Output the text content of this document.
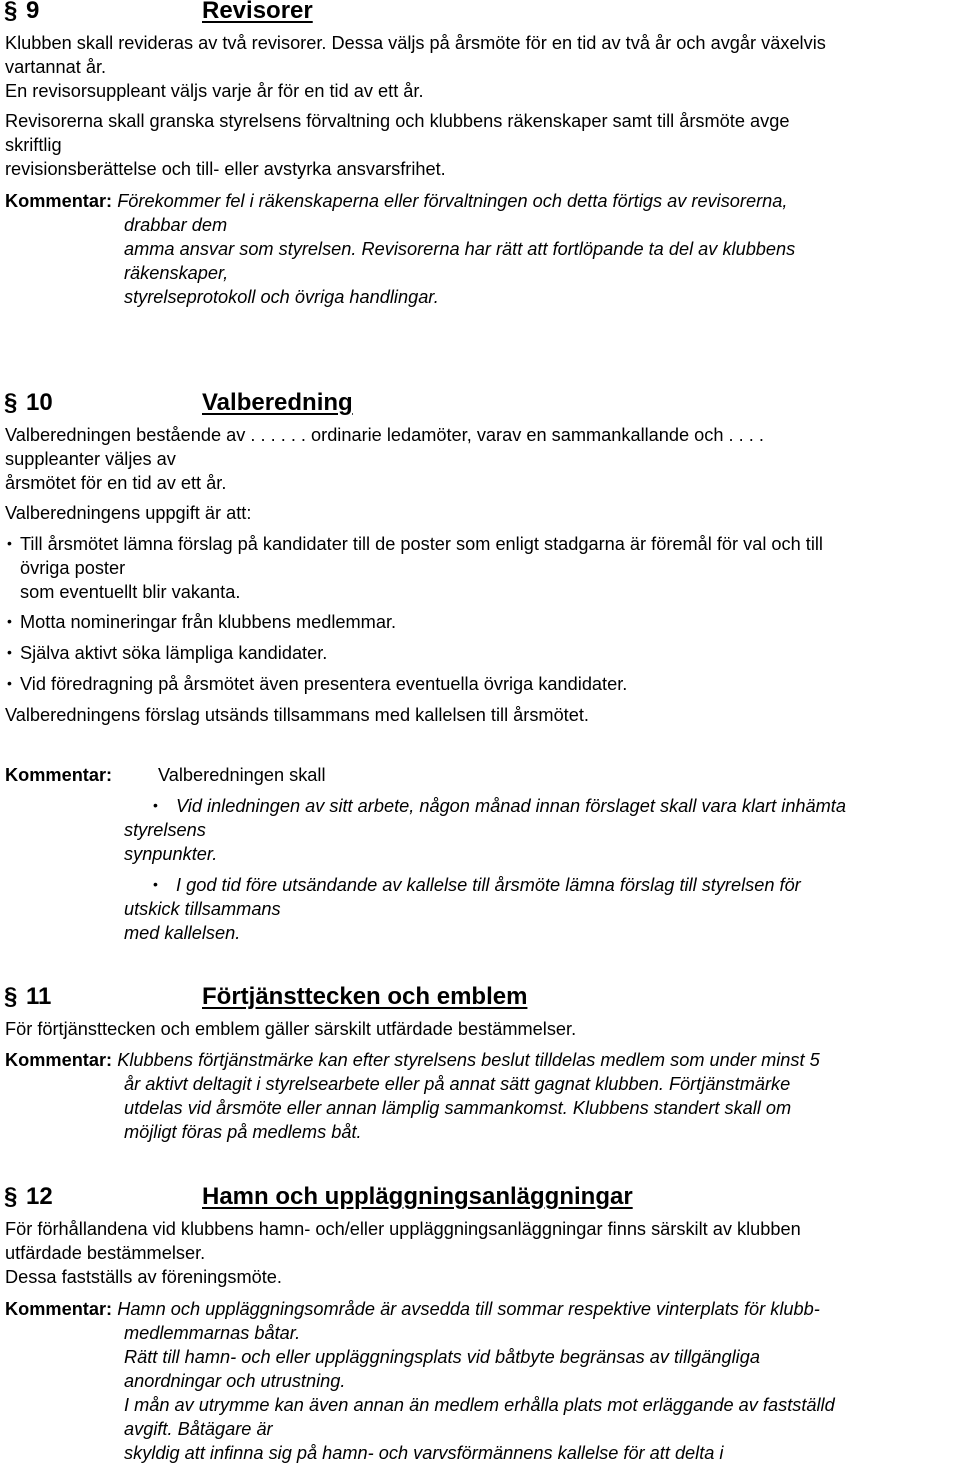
§ 9	Revisorer
Klubben skall revideras av två revisorer. Dessa väljs på årsmöte för en tid av två år och avgår växelvis
vartannat år.
En revisorsuppleant väljs varje år för en tid av ett år.
Revisorerna skall granska styrelsens förvaltning och klubbens räkenskaper samt till årsmöte avge
skriftlig
revisionsberättelse och till- eller avstyrka ansvarsfrihet.
Kommentar: Förekommer fel i räkenskaperna eller förvaltningen och detta förtigs av revisorerna,
drabbar dem
amma ansvar som styrelsen. Revisorerna har rätt att fortlöpande ta del av klubbens
räkenskaper,
styrelseprotokoll och övriga handlingar.
§ 10	Valberedning
Valberedningen bestående av . . . . . . ordinarie ledamöter, varav en sammankallande och . . . .
suppleanter väljes av
årsmötet för en tid av ett år.
Valberedningens uppgift är att:
• Till årsmötet lämna förslag på kandidater till de poster som enligt stadgarna är föremål för val och till
övriga poster
som eventuellt blir vakanta.
• Motta nomineringar från klubbens medlemmar.
• Själva aktivt söka lämpliga kandidater.
• Vid föredragning på årsmötet även presentera eventuella övriga kandidater.
Valberedningens förslag utsänds tillsammans med kallelsen till årsmötet.
Kommentar:	Valberedningen skall
• Vid inledningen av sitt arbete, någon månad innan förslaget skall vara klart inhämta
styrelsens
synpunkter.
• I god tid före utsändande av kallelse till årsmöte lämna förslag till styrelsen för
utskick tillsammans
med kallelsen.
§ 11	Förtjänsttecken och emblem
För förtjänsttecken och emblem gäller särskilt utfärdade bestämmelser.
Kommentar: Klubbens förtjänstmärke kan efter styrelsens beslut tilldelas medlem som under minst 5
år aktivt deltagit i styrelsearbete eller på annat sätt gagnat klubben. Förtjänstmärke
utdelas vid årsmöte eller annan lämplig sammankomst. Klubbens standert skall om
möjligt föras på medlems båt.
§ 12	Hamn och uppläggningsanläggningar
För förhållandena vid klubbens hamn- och/eller uppläggningsanläggningar finns särskilt av klubben
utfärdade bestämmelser.
Dessa fastställs av föreningsmöte.
Kommentar: Hamn och uppläggningsområde är avsedda till sommar respektive vinterplats för klubb-
medlemmarnas båtar.
Rätt till hamn- och eller uppläggningsplats vid båtbyte begränsas av tillgängliga
anordningar och utrustning.
I mån av utrymme kan även annan än medlem erhålla plats mot erläggande av fastställd
avgift. Båtägare är
skyldig att infinna sig på hamn- och varvsförmännens kallelse för att delta i
